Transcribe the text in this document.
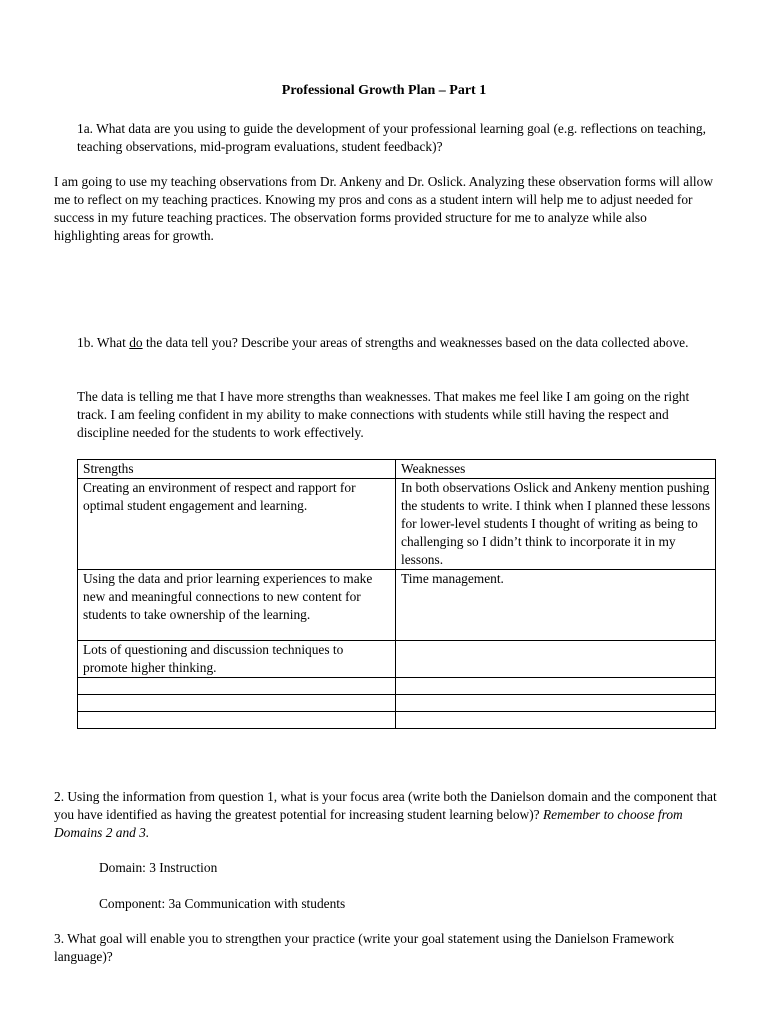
Professional Growth Plan – Part 1
1a. What data are you using to guide the development of your professional learning goal (e.g. reflections on teaching, teaching observations, mid-program evaluations, student feedback)?
I am going to use my teaching observations from Dr. Ankeny and Dr. Oslick. Analyzing these observation forms will allow me to reflect on my teaching practices. Knowing my pros and cons as a student intern will help me to adjust needed for success in my future teaching practices. The observation forms provided structure for me to analyze while also highlighting areas for growth.
1b. What do the data tell you? Describe your areas of strengths and weaknesses based on the data collected above.
The data is telling me that I have more strengths than weaknesses. That makes me feel like I am going on the right track. I am feeling confident in my ability to make connections with students while still having the respect and discipline needed for the students to work effectively.
Strengths	Weaknesses
Creating an environment of respect and rapport for optimal student engagement and learning.	In both observations Oslick and Ankeny mention pushing the students to write. I think when I planned these lessons for lower-level students I thought of writing as being to challenging so I didn’t think to incorporate it in my lessons.
Using the data and prior learning experiences to make new and meaningful connections to new content for students to take ownership of the learning.	Time management.
Lots of questioning and discussion techniques to promote higher thinking.	

2. Using the information from question 1, what is your focus area (write both the Danielson domain and the component that you have identified as having the greatest potential for increasing student learning below)? Remember to choose from Domains 2 and 3.
Domain: 3 Instruction
Component: 3a Communication with students
3. What goal will enable you to strengthen your practice (write your goal statement using the Danielson Framework language)?
